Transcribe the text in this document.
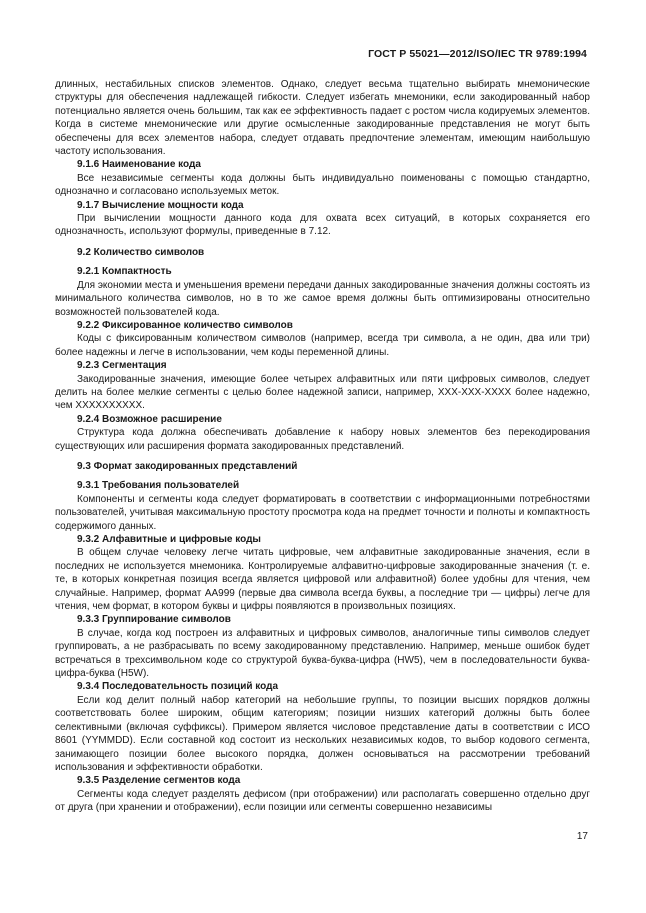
ГОСТ Р 55021—2012/ISO/IEC TR 9789:1994

длинных, нестабильных списков элементов. Однако, следует весьма тщательно выбирать мнемонические структуры для обеспечения надлежащей гибкости. Следует избегать мнемоники, если закодированный набор потенциально является очень большим, так как ее эффективность падает с ростом числа кодируемых элементов. Когда в системе мнемонические или другие осмысленные закодированные представления не могут быть обеспечены для всех элементов набора, следует отдавать предпочтение элементам, имеющим наибольшую частоту использования.

9.1.6 Наименование кода

Все независимые сегменты кода должны быть индивидуально поименованы с помощью стандартно, однозначно и согласовано используемых меток.

9.1.7 Вычисление мощности кода

При вычислении мощности данного кода для охвата всех ситуаций, в которых сохраняется его однозначность, используют формулы, приведенные в 7.12.

9.2 Количество символов
9.2.1 Компактность

Для экономии места и уменьшения времени передачи данных закодированные значения должны состоять из минимального количества символов, но в то же самое время должны быть оптимизированы относительно возможностей пользователей кода.

9.2.2 Фиксированное количество символов

Коды с фиксированным количеством символов (например, всегда три символа, а не один, два или три) более надежны и легче в использовании, чем коды переменной длины.

9.2.3 Сегментация

Закодированные значения, имеющие более четырех алфавитных или пяти цифровых символов, следует делить на более мелкие сегменты с целью более надежной записи, например, ХХХ-ХХХ-ХХХХ более надежно, чем ХХХХХХХХХХ.

9.2.4 Возможное расширение

Структура кода должна обеспечивать добавление к набору новых элементов без перекодирования существующих или расширения формата закодированных представлений.

9.3 Формат закодированных представлений
9.3.1 Требования пользователей

Компоненты и сегменты кода следует форматировать в соответствии с информационными потребностями пользователей, учитывая максимальную простоту просмотра кода на предмет точности и полноты и компактность содержимого данных.

9.3.2 Алфавитные и цифровые коды

В общем случае человеку легче читать цифровые, чем алфавитные закодированные значения, если в последних не используется мнемоника. Контролируемые алфавитно-цифровые закодированные значения (т. е. те, в которых конкретная позиция всегда является цифровой или алфавитной) более удобны для чтения, чем случайные. Например, формат АА999 (первые два символа всегда буквы, а последние три — цифры) легче для чтения, чем формат, в котором буквы и цифры появляются в произвольных позициях.

9.3.3 Группирование символов

В случае, когда код построен из алфавитных и цифровых символов, аналогичные типы символов следует группировать, а не разбрасывать по всему закодированному представлению. Например, меньше ошибок будет встречаться в трехсимвольном коде со структурой буква-буква-цифра (HW5), чем в последовательности буква-цифра-буква (H5W).

9.3.4 Последовательность позиций кода

Если код делит полный набор категорий на небольшие группы, то позиции высших порядков должны соответствовать более широким, общим категориям; позиции низших категорий должны быть более селективными (включая суффиксы). Примером является числовое представление даты в соответствии с ИСО 8601 (YYMMDD). Если составной код состоит из нескольких независимых кодов, то выбор кодового сегмента, занимающего позиции более высокого порядка, должен основываться на рассмотрении требований использования и эффективности обработки.

9.3.5 Разделение сегментов кода

Сегменты кода следует разделять дефисом (при отображении) или располагать совершенно отдельно друг от друга (при хранении и отображении), если позиции или сегменты совершенно независимы

17
